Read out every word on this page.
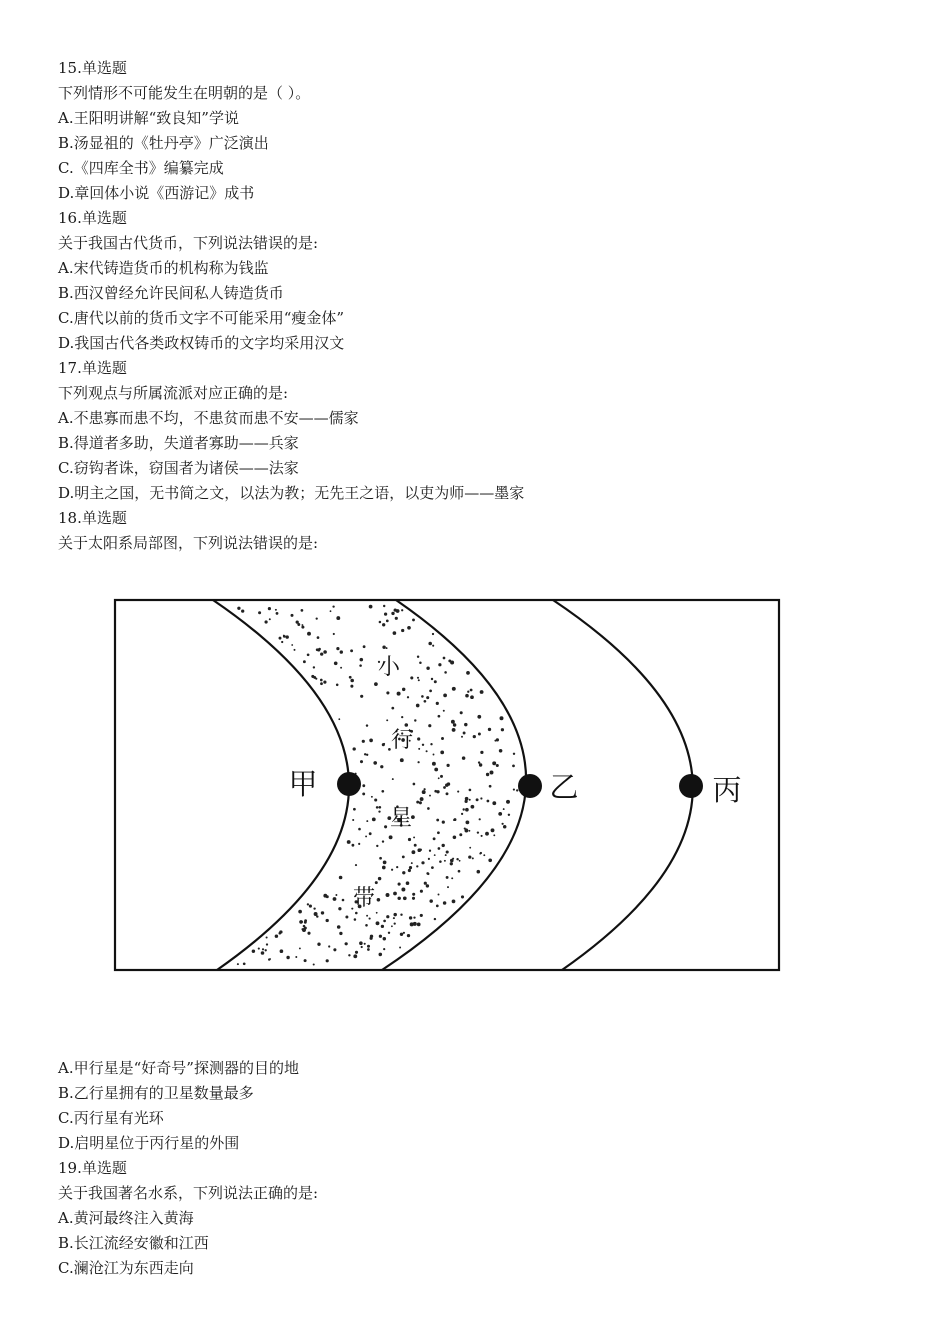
15.单选题
下列情形不可能发生在明朝的是（ ）。
A.王阳明讲解“致良知”学说
B.汤显祖的《牡丹亭》广泛演出
C.《四库全书》编纂完成
D.章回体小说《西游记》成书
16.单选题
关于我国古代货币，下列说法错误的是:
A.宋代铸造货币的机构称为钱监
B.西汉曾经允许民间私人铸造货币
C.唐代以前的货币文字不可能采用“瘦金体”
D.我国古代各类政权铸币的文字均采用汉文
17.单选题
下列观点与所属流派对应正确的是:
A.不患寡而患不均，不患贫而患不安——儒家
B.得道者多助，失道者寡助——兵家
C.窃钩者诛，窃国者为诸侯——法家
D.明主之国，无书简之文，以法为教；无先王之语，以吏为师——墨家
18.单选题
关于太阳系局部图，下列说法错误的是:
甲	乙	丙
小
行
星
带
A.甲行星是“好奇号”探测器的目的地
B.乙行星拥有的卫星数量最多
C.丙行星有光环
D.启明星位于丙行星的外围
19.单选题
关于我国著名水系，下列说法正确的是:
A.黄河最终注入黄海
B.长江流经安徽和江西
C.澜沧江为东西走向
